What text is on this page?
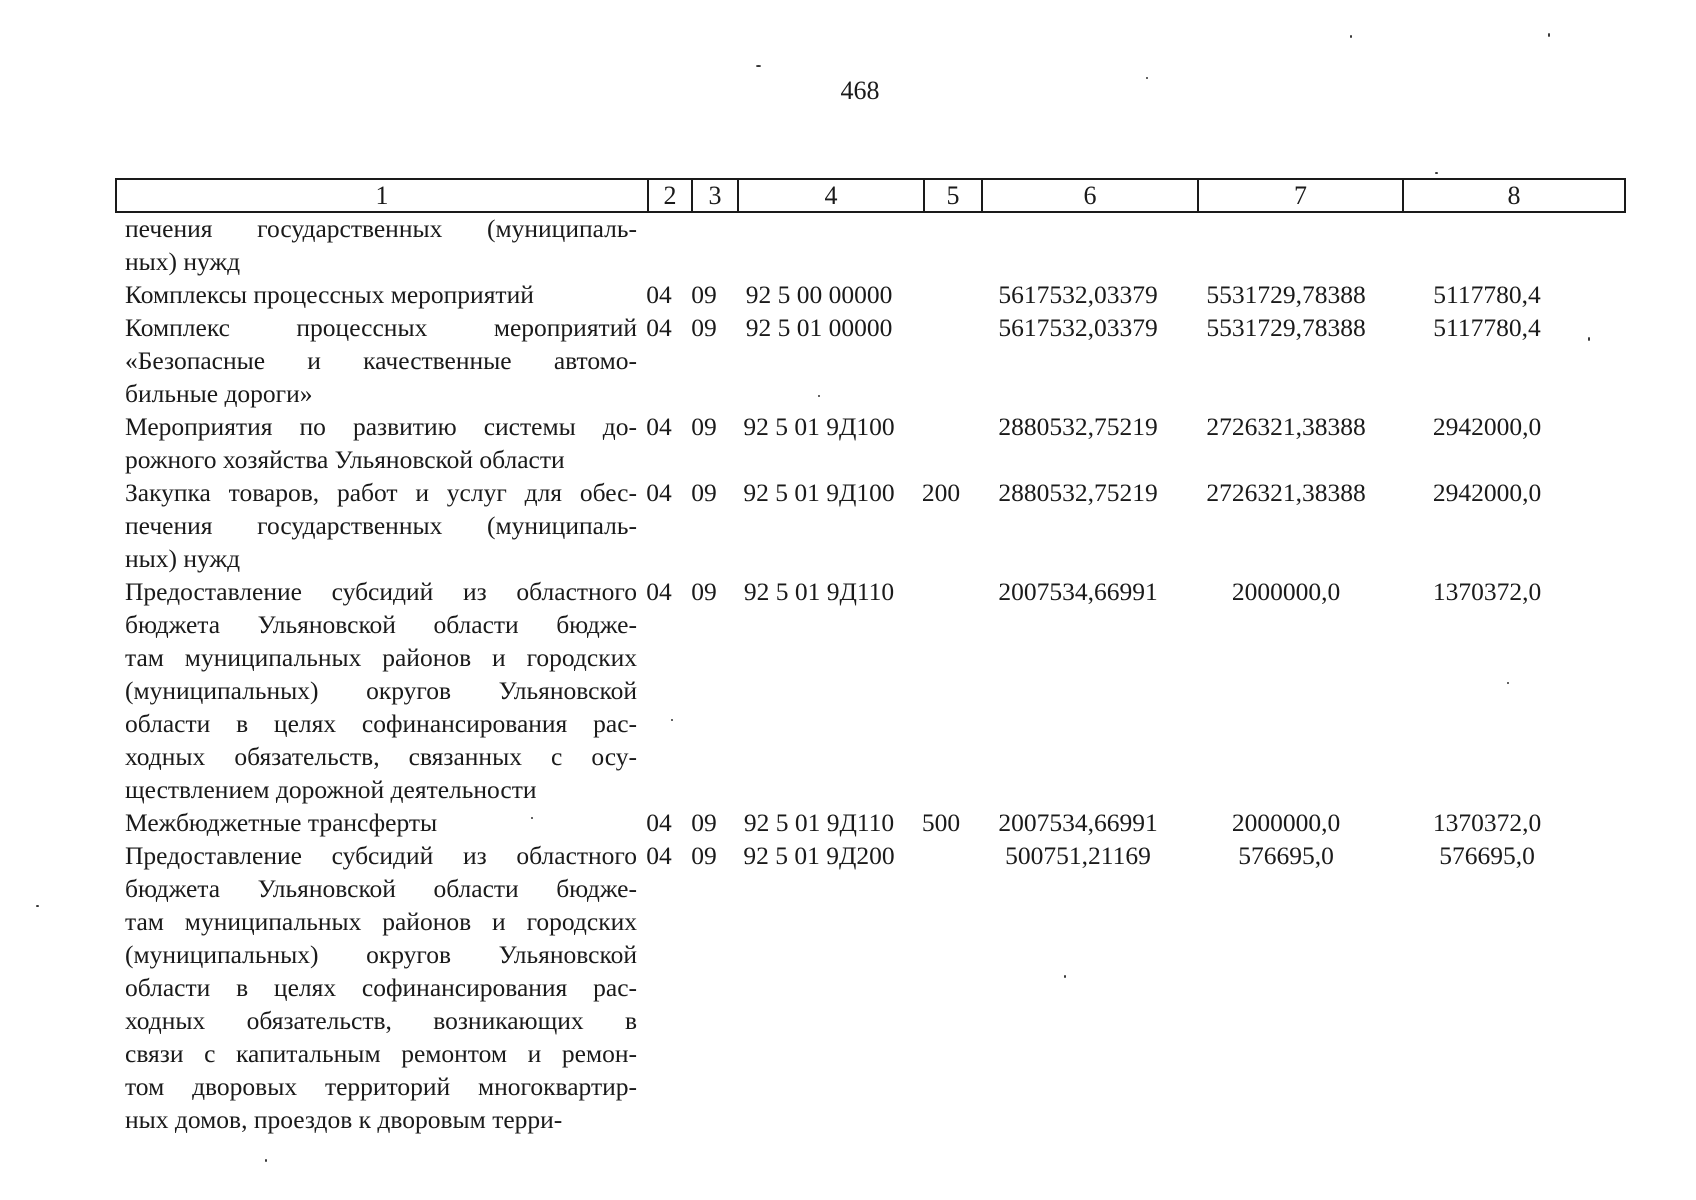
468
1	2	3	4	5	6	7	8
печения государственных (муниципаль-
ных) нужд
Комплексы процессных мероприятий	04 09	92 5 00 00000	5617532,03379	5531729,78388	5117780,4
Комплекс процессных мероприятий
«Безопасные и качественные автомо-
бильные дороги»
04 09	92 5 01 00000	5617532,03379	5531729,78388	5117780,4
Мероприятия по развитию системы до-
рожного хозяйства Ульяновской области
04 09	92 5 01 9Д100	2880532,75219	2726321,38388	2942000,0
Закупка товаров, работ и услуг для обес-
печения государственных (муниципаль-
ных) нужд
04 09	92 5 01 9Д100	200	2880532,75219	2726321,38388	2942000,0
Предоставление субсидий из областного
бюджета Ульяновской области бюдже-
там муниципальных районов и городских
(муниципальных) округов Ульяновской
области в целях софинансирования рас-
ходных обязательств, связанных с осу-
ществлением дорожной деятельности
04 09	92 5 01 9Д110	2007534,66991	2000000,0	1370372,0
Межбюджетные трансферты	04 09	92 5 01 9Д110	500	2007534,66991	2000000,0	1370372,0
Предоставление субсидий из областного
бюджета Ульяновской области бюдже-
там муниципальных районов и городских
(муниципальных) округов Ульяновской
области в целях софинансирования рас-
ходных обязательств, возникающих в
связи с капитальным ремонтом и ремон-
том дворовых территорий многоквартир-
ных домов, проездов к дворовым терри-
04 09	92 5 01 9Д200	500751,21169	576695,0	576695,0
